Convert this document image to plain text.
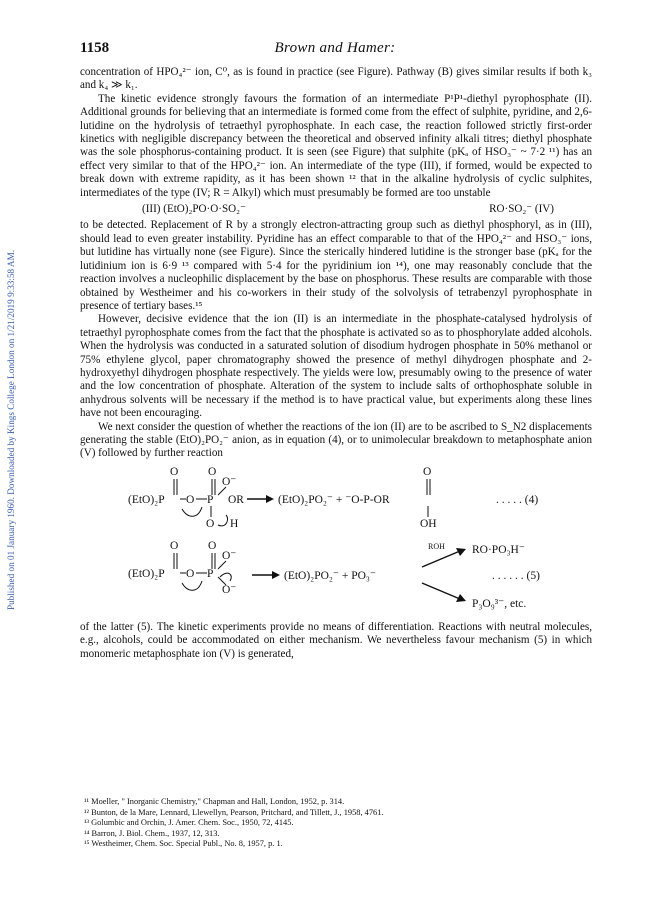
Published on 01 January 1960. Downloaded by Kings College London on 1/21/2019 9:33:58 AM.
1158	Brown and Hamer:

concentration of HPO₄²⁻ ion, C⁰, as is found in practice (see Figure). Pathway (B) gives similar results if both k₃ and k₄ ≫ k₁.

The kinetic evidence strongly favours the formation of an intermediate P¹P¹-diethyl pyrophosphate (II). Additional grounds for believing that an intermediate is formed come from the effect of sulphite, pyridine, and 2,6-lutidine on the hydrolysis of tetraethyl pyrophosphate. In each case, the reaction followed strictly first-order kinetics with negligible discrepancy between the theoretical and observed infinity alkali titres; diethyl phosphate was the sole phosphorus-containing product. It is seen (see Figure) that sulphite (pKₐ of HSO₃⁻ ~ 7·2 ¹¹) has an effect very similar to that of the HPO₄²⁻ ion. An intermediate of the type (III), if formed, would be expected to break down with extreme rapidity, as it has been shown ¹² that in the alkaline hydrolysis of cyclic sulphites, intermediates of the type (IV; R = Alkyl) which must presumably be formed are too unstable

(III) (EtO)₂PO·O·SO₂⁻	RO·SO₂⁻ (IV)

to be detected. Replacement of R by a strongly electron-attracting group such as diethyl phosphoryl, as in (III), should lead to even greater instability. Pyridine has an effect comparable to that of the HPO₄²⁻ and HSO₃⁻ ions, but lutidine has virtually none (see Figure). Since the sterically hindered lutidine is the stronger base (pKₐ for the lutidinium ion is 6·9 ¹³ compared with 5·4 for the pyridinium ion ¹⁴), one may reasonably conclude that the reaction involves a nucleophilic displacement by the base on phosphorus. These results are comparable with those obtained by Westheimer and his co-workers in their study of the solvolysis of tetrabenzyl pyrophosphate in presence of tertiary bases.¹⁵

However, decisive evidence that the ion (II) is an intermediate in the phosphate-catalysed hydrolysis of tetraethyl pyrophosphate comes from the fact that the phosphate is activated so as to phosphorylate added alcohols. When the hydrolysis was conducted in a saturated solution of disodium hydrogen phosphate in 50% methanol or 75% ethylene glycol, paper chromatography showed the presence of methyl dihydrogen phosphate and 2-hydroxyethyl dihydrogen phosphate respectively. The yields were low, presumably owing to the presence of water and the low concentration of phosphate. Alteration of the system to include salts of orthophosphate soluble in anhydrous solvents will be necessary if the method is to have practical value, but experiments along these lines have not been encouraging.

We next consider the question of whether the reactions of the ion (II) are to be ascribed to S_N2 displacements generating the stable (EtO)₂PO₂⁻ anion, as in equation (4), or to unimolecular breakdown to metaphosphate anion (V) followed by further reaction

O	O	O
O⁻
(EtO)₂P O P OR	(EtO)₂PO₂⁻ + ⁻O-P-OR
O H	OH
. . . . . (4)
O	O
O⁻
(EtO)₂P O P
O⁻
(EtO)₂PO₂⁻ + PO₃⁻
ROH RO·PO₃H⁻
. . . . . . (5)
P₃O₉³⁻, etc.

of the latter (5). The kinetic experiments provide no means of differentiation. Reactions with neutral molecules, e.g., alcohols, could be accommodated on either mechanism. We nevertheless favour mechanism (5) in which monomeric metaphosphate ion (V) is generated,

¹¹ Moeller, " Inorganic Chemistry," Chapman and Hall, London, 1952, p. 314.
¹² Bunton, de la Mare, Lennard, Llewellyn, Pearson, Pritchard, and Tillett, J., 1958, 4761.
¹³ Golumbic and Orchin, J. Amer. Chem. Soc., 1950, 72, 4145.
¹⁴ Barron, J. Biol. Chem., 1937, 12, 313.
¹⁵ Westheimer, Chem. Soc. Special Publ., No. 8, 1957, p. 1.
